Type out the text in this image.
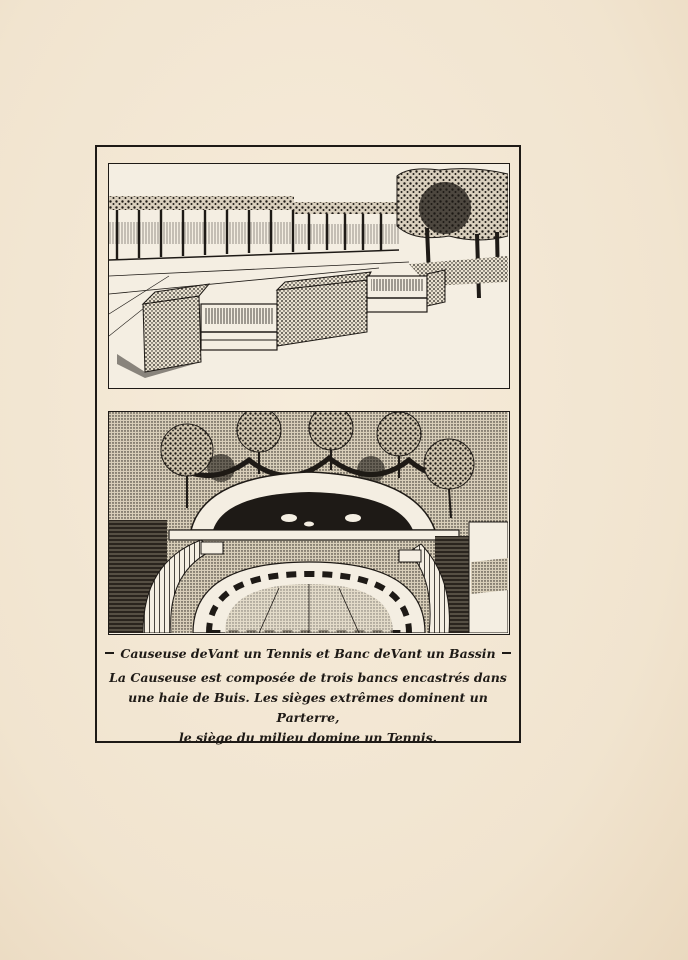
Causeuse deVant un Tennis et Banc deVant un Bassin
La Causeuse est composée de trois bancs encastrés dans
une haie de Buis. Les sièges extrêmes dominent un Parterre,
le siège du milieu domine un Tennis.
